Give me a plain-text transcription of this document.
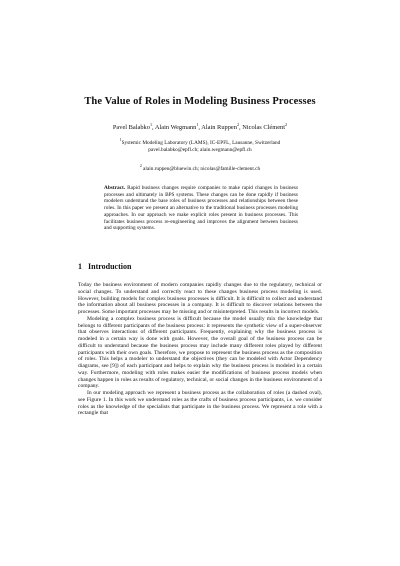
The Value of Roles in Modeling Business Processes
Pavel Balabko$^1$, Alain Wegmann$^1$, Alain Ruppen$^2$, Nicolas Clément$^2$
$^1$Systemic Modeling Laboratory (LAMS), IC-EPFL, Lausanne, Switzerland
pavel.balabko@epfl.ch; alain.wegmann@epfl.ch
$^2$ alain.ruppen@bluewin.ch; nicolas@famille-clement.ch
Abstract. Rapid business changes require companies to make rapid changes in business processes and ultimately in BPS systems. These changes can be done rapidly if business modelers understand the base roles of business processes and relationships between these roles. In this paper we present an alternative to the traditional business processes modeling approaches. In our approach we make explicit roles present in business processes. This facilitates business process re-engineering and improves the alignment between business and supporting systems.
1 Introduction

Today the business environment of modern companies rapidly changes due to the regulatory, technical or social changes. To understand and correctly react to these changes business process modeling is used. However, building models for complex business processes is difficult. It is difficult to collect and understand the information about all business processes in a company. It is difficult to discover relations between the processes. Some important processes may be missing and or misinterpreted. This results in incorrect models.

Modeling a complex business process is difficult because the model usually mix the knowledge that belongs to different participants of the business process: it represents the synthetic view of a super-observer that observes interactions of different participants. Frequently, explaining why the business process is modeled in a certain way is done with goals. However, the overall goal of the business process can be difficult to understand because the business process may include many different roles played by different participants with their own goals. Therefore, we propose to represent the business process as the composition of roles. This helps a modeler to understand the objectives (they can be modeled with Actor Dependency diagrams, see [9]) of each participant and helps to explain why the business process is modeled in a certain way. Furthermore, modeling with roles makes easier the modifications of business process models when changes happen in roles as results of regulatory, technical, or social changes in the business environment of a company.

In our modeling approach we represent a business process as the collaboration of roles (a dashed oval), see Figure 1. In this work we understand roles as the crafts of business process participants, i.e. we consider roles as the knowledge of the specialists that participate in the business process. We represent a role with a rectangle that
